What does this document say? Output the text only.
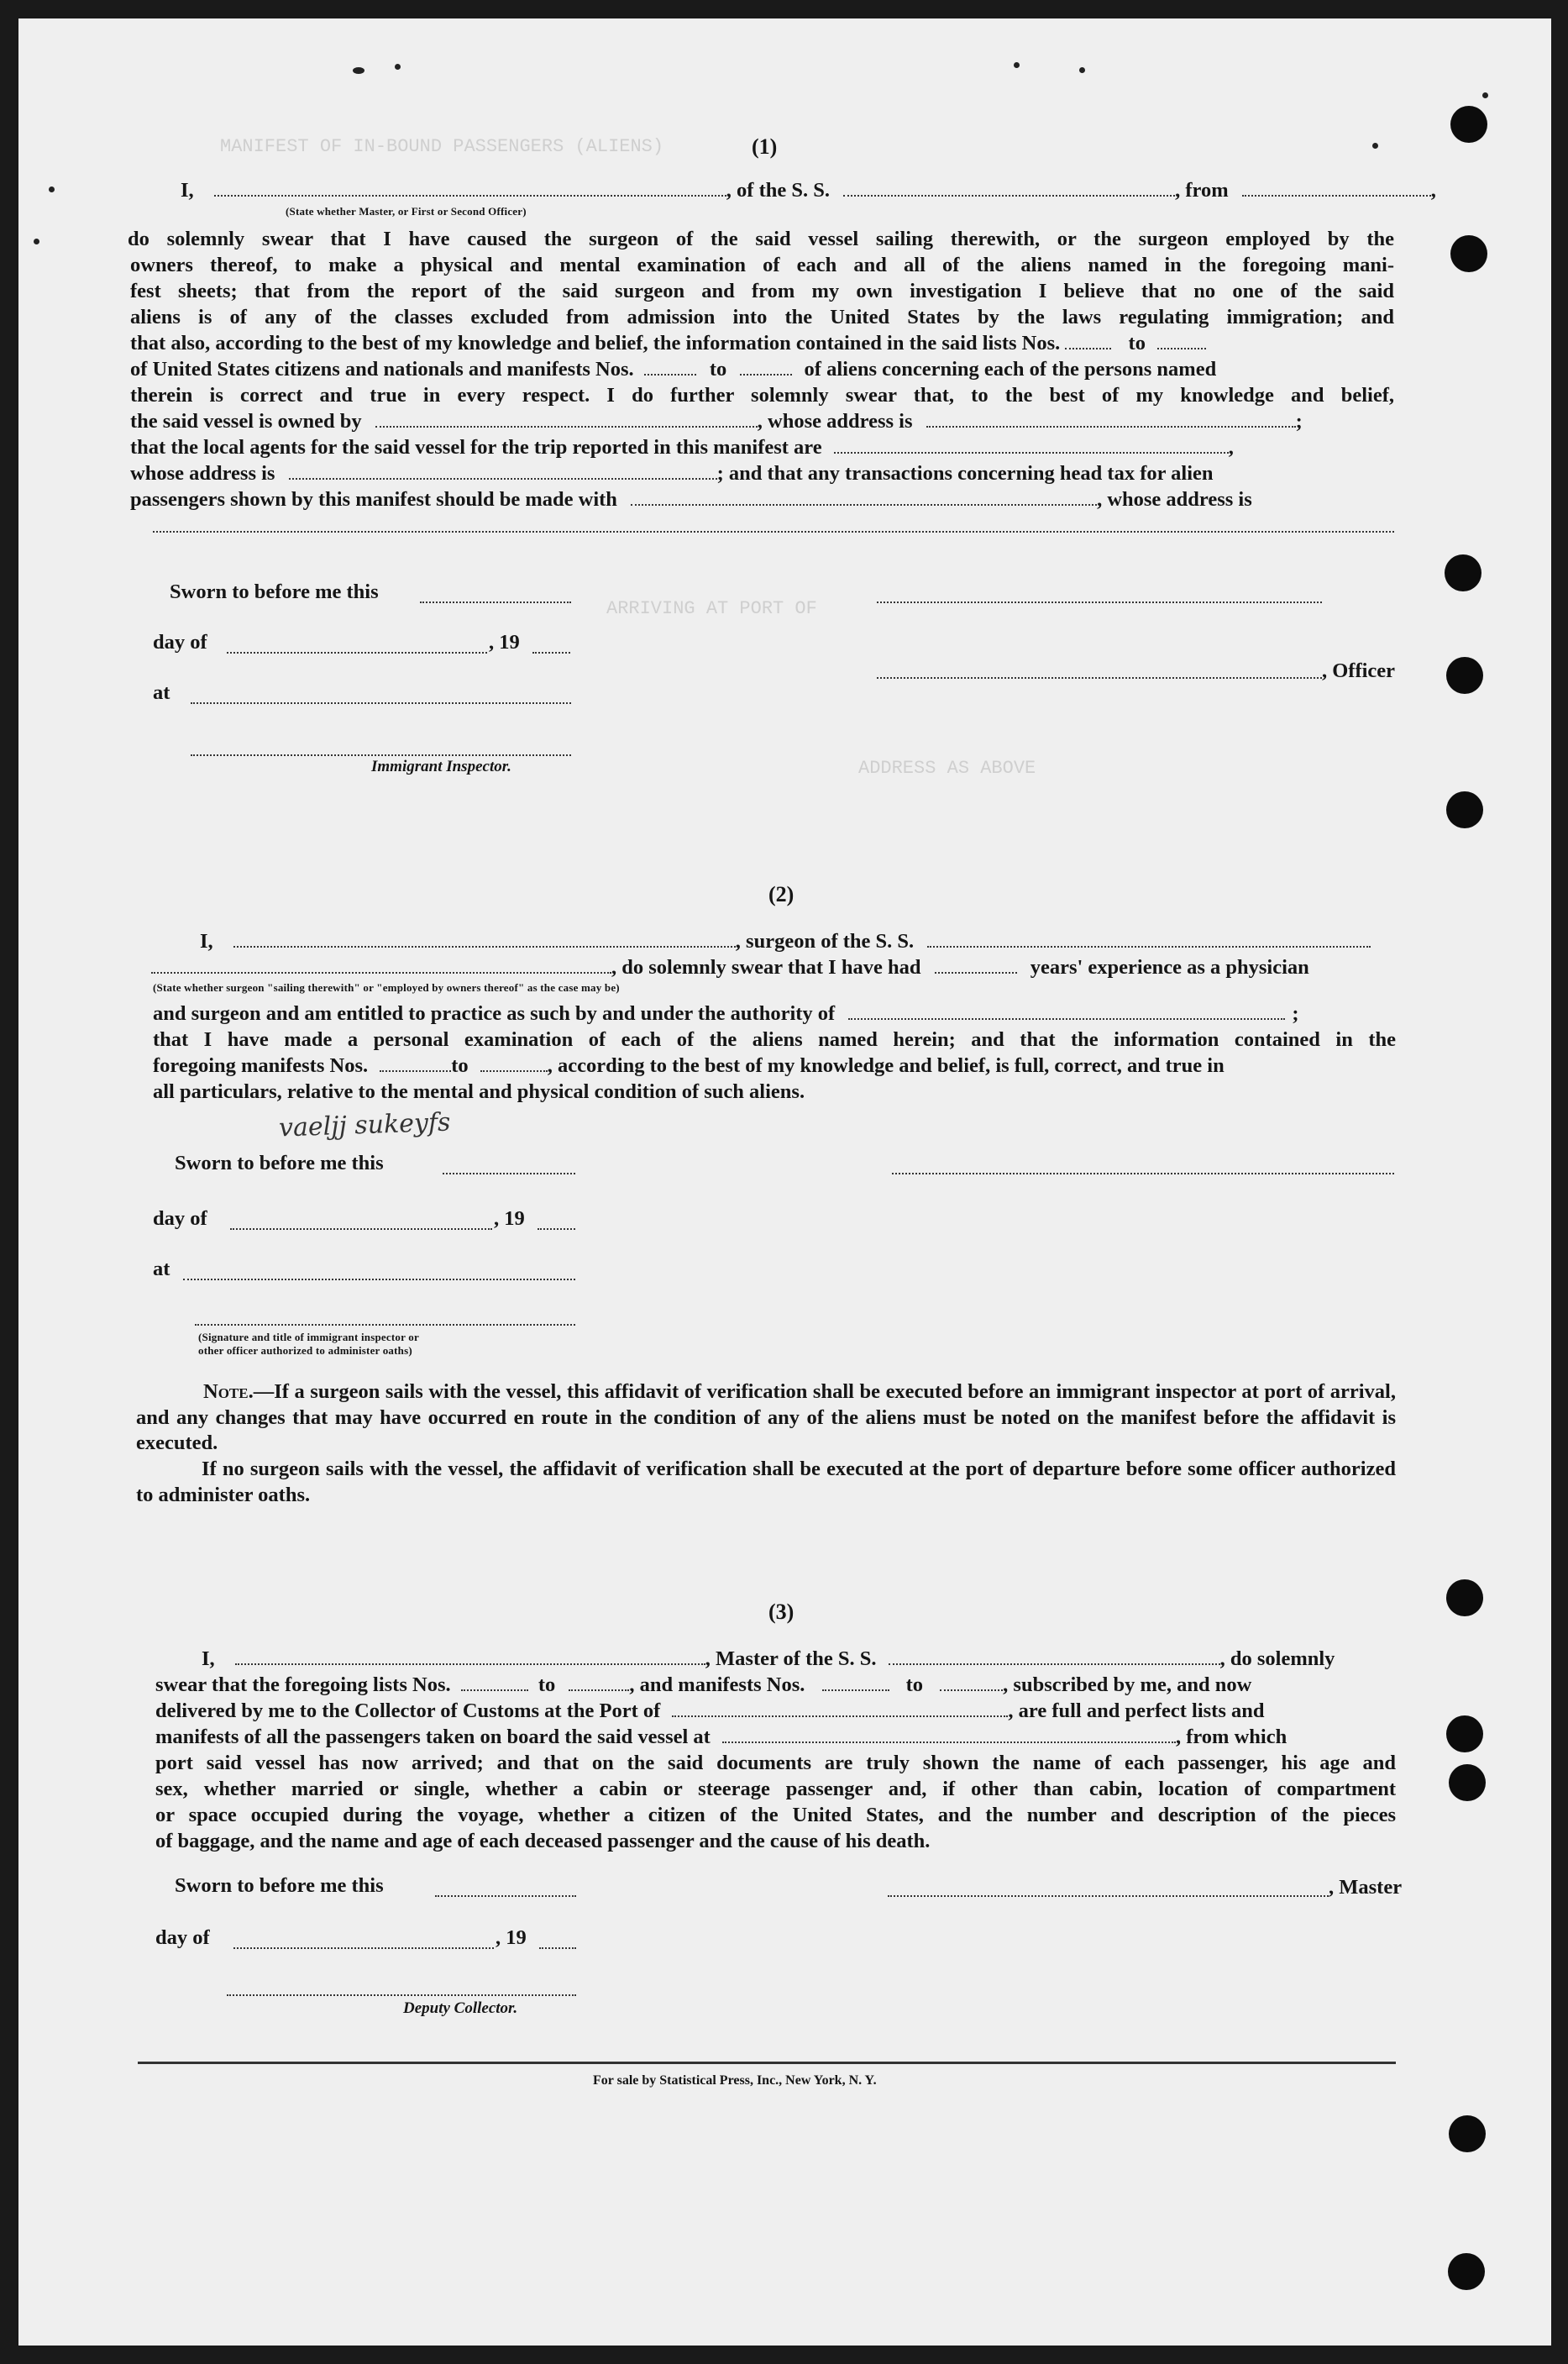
MANIFEST OF IN-BOUND PASSENGERS (ALIENS)
ARRIVING AT PORT OF
ADDRESS AS ABOVE
(1)
I,	, of the S. S.	, from	,
(State whether Master, or First or Second Officer)
do solemnly swear that I have caused the surgeon of the said vessel sailing therewith, or the surgeon employed by the
owners thereof, to make a physical and mental examination of each and all of the aliens named in the foregoing mani-
fest sheets; that from the report of the said surgeon and from my own investigation I believe that no one of the said
aliens is of any of the classes excluded from admission into the United States by the laws regulating immigration; and
that also, according to the best of my knowledge and belief, the information contained in the said lists Nos.	to
of United States citizens and nationals and manifests Nos.	to	of aliens concerning each of the persons named
therein is correct and true in every respect. I do further solemnly swear that, to the best of my knowledge and belief,
the said vessel is owned by	, whose address is	;
that the local agents for the said vessel for the trip reported in this manifest are	,
whose address is	; and that any transactions concerning head tax for alien
passengers shown by this manifest should be made with	, whose address is
Sworn to before me this
day of	, 19
at
Immigrant Inspector.
, Officer
(2)
I,	, surgeon of the S. S.
, do solemnly swear that I have had	years' experience as a physician
(State whether surgeon "sailing therewith" or "employed by owners thereof" as the case may be)
and surgeon and am entitled to practice as such by and under the authority of	;
that I have made a personal examination of each of the aliens named herein; and that the information contained in the
foregoing manifests Nos.	to	, according to the best of my knowledge and belief, is full, correct, and true in
all particulars, relative to the mental and physical condition of such aliens.
vaeljj sukeyfs
Sworn to before me this
day of	, 19
at
(Signature and title of immigrant inspector or
other officer authorized to administer oaths)
Note.—If a surgeon sails with the vessel, this affidavit of verification shall be executed before an immigrant inspector at port of arrival, and any changes that may have occurred en route in the condition of any of the aliens must be noted on the manifest before the affidavit is executed.
If no surgeon sails with the vessel, the affidavit of verification shall be executed at the port of departure before some officer authorized to administer oaths.
(3)
I,	, Master of the S. S.	, do solemnly
swear that the foregoing lists Nos.	to	, and manifests Nos.	to	, subscribed by me, and now
delivered by me to the Collector of Customs at the Port of	, are full and perfect lists and
manifests of all the passengers taken on board the said vessel at	, from which
port said vessel has now arrived; and that on the said documents are truly shown the name of each passenger, his age and
sex, whether married or single, whether a cabin or steerage passenger and, if other than cabin, location of compartment
or space occupied during the voyage, whether a citizen of the United States, and the number and description of the pieces
of baggage, and the name and age of each deceased passenger and the cause of his death.
Sworn to before me this	, Master
day of	, 19
Deputy Collector.
For sale by Statistical Press, Inc., New York, N. Y.
